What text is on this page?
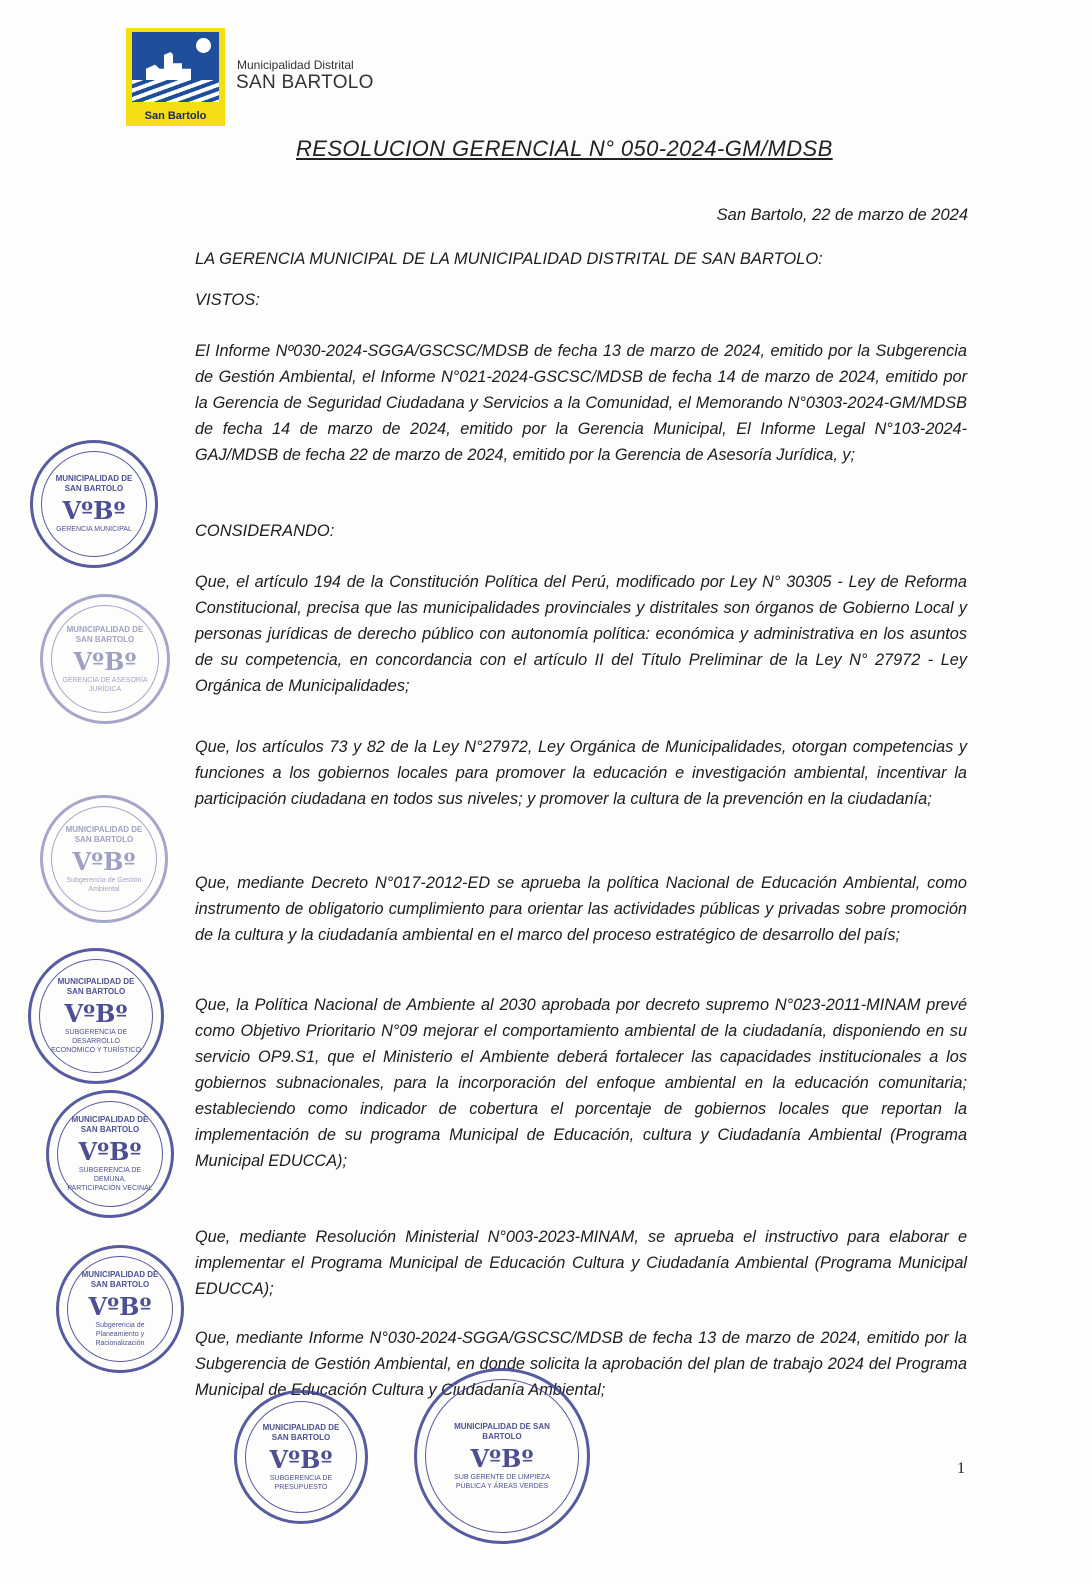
San Bartolo
Municipalidad Distrital
SAN BARTOLO
RESOLUCION GERENCIAL N° 050-2024-GM/MDSB
San Bartolo, 22 de marzo de 2024
LA GERENCIA MUNICIPAL DE LA MUNICIPALIDAD DISTRITAL DE SAN BARTOLO:
VISTOS:
El Informe Nº030-2024-SGGA/GSCSC/MDSB de fecha 13 de marzo de 2024, emitido por la Subgerencia de Gestión Ambiental, el Informe N°021-2024-GSCSC/MDSB de fecha 14 de marzo de 2024, emitido por la Gerencia de Seguridad Ciudadana y Servicios a la Comunidad, el Memorando N°0303-2024-GM/MDSB de fecha 14 de marzo de 2024, emitido por la Gerencia Municipal, El Informe Legal N°103-2024-GAJ/MDSB de fecha 22 de marzo de 2024, emitido por la Gerencia de Asesoría Jurídica, y;
CONSIDERANDO:
Que, el artículo 194 de la Constitución Política del Perú, modificado por Ley N° 30305 - Ley de Reforma Constitucional, precisa que las municipalidades provinciales y distritales son órganos de Gobierno Local y personas jurídicas de derecho público con autonomía política: económica y administrativa en los asuntos de su competencia, en concordancia con el artículo II del Título Preliminar de la Ley N° 27972 - Ley Orgánica de Municipalidades;
Que, los artículos 73 y 82 de la Ley N°27972, Ley Orgánica de Municipalidades, otorgan competencias y funciones a los gobiernos locales para promover la educación e investigación ambiental, incentivar la participación ciudadana en todos sus niveles; y promover la cultura de la prevención en la ciudadanía;
Que, mediante Decreto N°017-2012-ED se aprueba la política Nacional de Educación Ambiental, como instrumento de obligatorio cumplimiento para orientar las actividades públicas y privadas sobre promoción de la cultura y la ciudadanía ambiental en el marco del proceso estratégico de desarrollo del país;
Que, la Política Nacional de Ambiente al 2030 aprobada por decreto supremo N°023-2011-MINAM prevé como Objetivo Prioritario N°09 mejorar el comportamiento ambiental de la ciudadanía, disponiendo en su servicio OP9.S1, que el Ministerio el Ambiente deberá fortalecer las capacidades institucionales a los gobiernos subnacionales, para la incorporación del enfoque ambiental en la educación comunitaria; estableciendo como indicador de cobertura el porcentaje de gobiernos locales que reportan la implementación de su programa Municipal de Educación, cultura y Ciudadanía Ambiental (Programa Municipal EDUCCA);
Que, mediante Resolución Ministerial N°003-2023-MINAM, se aprueba el instructivo para elaborar e implementar el Programa Municipal de Educación Cultura y Ciudadanía Ambiental (Programa Municipal EDUCCA);
Que, mediante Informe N°030-2024-SGGA/GSCSC/MDSB de fecha 13 de marzo de 2024, emitido por la Subgerencia de Gestión Ambiental, en donde solicita la aprobación del plan de trabajo 2024 del Programa Municipal de Educación Cultura y Ciudadanía Ambiental;
1
MUNICIPALIDAD DE SAN BARTOLO
VºBº
GERENCIA MUNICIPAL
MUNICIPALIDAD DE SAN BARTOLO
VºBº
GERENCIA DE ASESORÍA JURÍDICA
MUNICIPALIDAD DE SAN BARTOLO
VºBº
Subgerencia de Gestión Ambiental
MUNICIPALIDAD DE SAN BARTOLO
VºBº
SUBGERENCIA DE DESARROLLO ECONÓMICO Y TURÍSTICO
MUNICIPALIDAD DE SAN BARTOLO
VºBº
SUBGERENCIA DE DEMUNA, PARTICIPACIÓN VECINAL
MUNICIPALIDAD DE SAN BARTOLO
VºBº
Subgerencia de Planeamiento y Racionalización
MUNICIPALIDAD DE SAN BARTOLO
VºBº
SUBGERENCIA DE PRESUPUESTO
MUNICIPALIDAD DE SAN BARTOLO
VºBº
SUB GERENTE DE LIMPIEZA PÚBLICA Y ÁREAS VERDES
